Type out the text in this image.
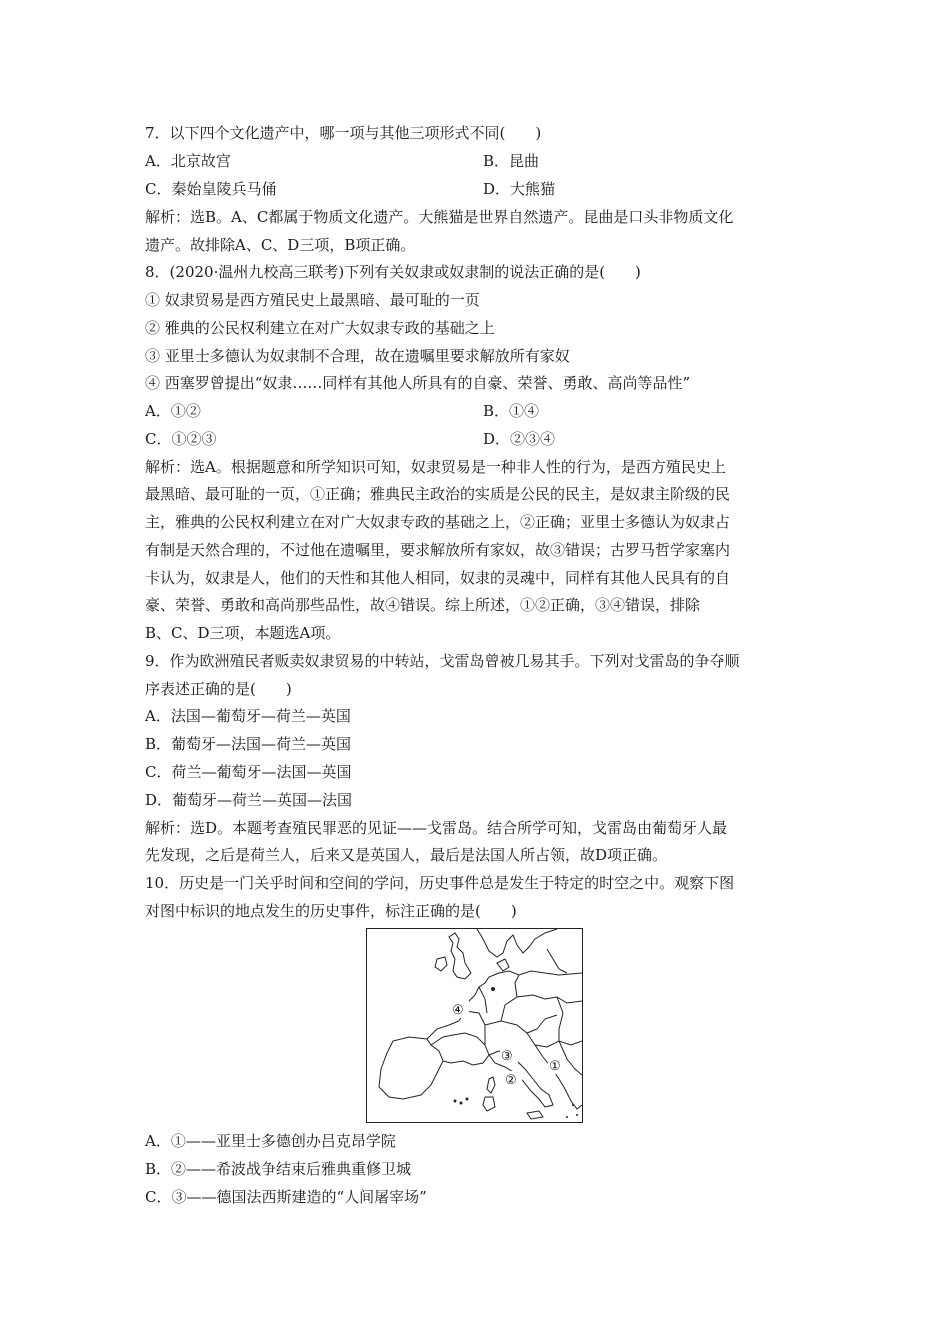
7．以下四个文化遗产中，哪一项与其他三项形式不同(　　)
A．北京故宫	B．昆曲
C．秦始皇陵兵马俑	D．大熊猫
解析：选B。A、C都属于物质文化遗产。大熊猫是世界自然遗产。昆曲是口头非物质文化
遗产。故排除A、C、D三项，B项正确。
8．(2020·温州九校高三联考)下列有关奴隶或奴隶制的说法正确的是(　　)
① 奴隶贸易是西方殖民史上最黑暗、最可耻的一页
② 雅典的公民权利建立在对广大奴隶专政的基础之上
③ 亚里士多德认为奴隶制不合理，故在遗嘱里要求解放所有家奴
④ 西塞罗曾提出“奴隶……同样有其他人所具有的自豪、荣誉、勇敢、高尚等品性”
A．①②	B．①④
C．①②③	D．②③④
解析：选A。根据题意和所学知识可知，奴隶贸易是一种非人性的行为，是西方殖民史上
最黑暗、最可耻的一页，①正确；雅典民主政治的实质是公民的民主，是奴隶主阶级的民
主，雅典的公民权利建立在对广大奴隶专政的基础之上，②正确；亚里士多德认为奴隶占
有制是天然合理的，不过他在遗嘱里，要求解放所有家奴，故③错误；古罗马哲学家塞内
卡认为，奴隶是人，他们的天性和其他人相同，奴隶的灵魂中，同样有其他人民具有的自
豪、荣誉、勇敢和高尚那些品性，故④错误。综上所述，①②正确，③④错误，排除
B、C、D三项，本题选A项。
9．作为欧洲殖民者贩卖奴隶贸易的中转站，戈雷岛曾被几易其手。下列对戈雷岛的争夺顺
序表述正确的是(　　)
A．法国—葡萄牙—荷兰—英国
B．葡萄牙—法国—荷兰—英国
C．荷兰—葡萄牙—法国—英国
D．葡萄牙—荷兰—英国—法国
解析：选D。本题考查殖民罪恶的见证——戈雷岛。结合所学可知，戈雷岛由葡萄牙人最
先发现，之后是荷兰人，后来又是英国人，最后是法国人所占领，故D项正确。
10．历史是一门关乎时间和空间的学问，历史事件总是发生于特定的时空之中。观察下图
对图中标识的地点发生的历史事件，标注正确的是(　　)
④
③
②
①
A．①——亚里士多德创办吕克昂学院
B．②——希波战争结束后雅典重修卫城
C．③——德国法西斯建造的“人间屠宰场”
